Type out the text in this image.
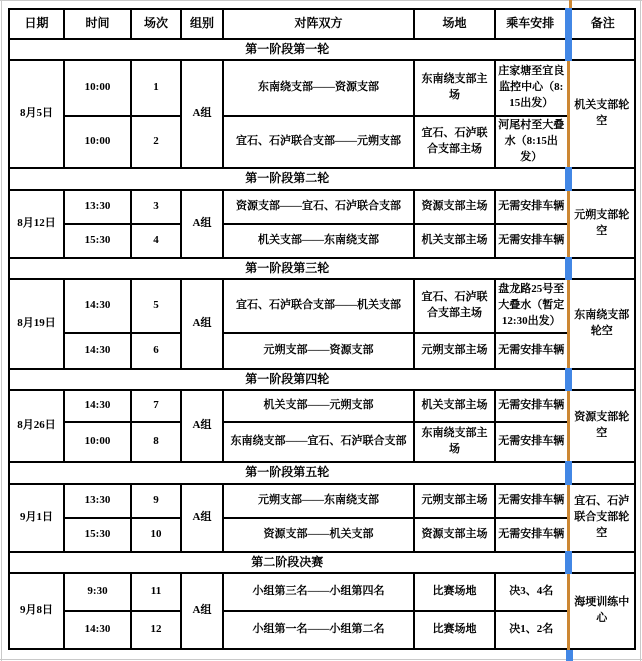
日期	时间	场次	组别	对阵双方	场地	乘车安排	备注
第一阶段第一轮							
8月5日	10:00	1	A组	东南绕支部——资源支部	东南绕支部主场	庄家塘至宜良监控中心（8:15出发）	机关支部轮空
	10:00	2		宜石、石泸联合支部——元朔支部	宜石、石泸联合支部主场	河尾村至大叠水（8:15出发）	
第一阶段第二轮							
8月12日	13:30	3	A组	资源支部——宜石、石泸联合支部	资源支部主场	无需安排车辆	元朔支部轮空
	15:30	4		机关支部——东南绕支部	机关支部主场	无需安排车辆	
第一阶段第三轮							
8月19日	14:30	5	A组	宜石、石泸联合支部——机关支部	宜石、石泸联合支部主场	盘龙路25号至大叠水（暂定12:30出发）	东南绕支部轮空
	14:30	6		元朔支部——资源支部	元朔支部主场	无需安排车辆	
第一阶段第四轮							
8月26日	14:30	7	A组	机关支部——元朔支部	机关支部主场	无需安排车辆	资源支部轮空
	10:00	8		东南绕支部——宜石、石泸联合支部	东南绕支部主场	无需安排车辆	
第一阶段第五轮							
9月1日	13:30	9	A组	元朔支部——东南绕支部	元朔支部主场	无需安排车辆	宜石、石泸联合支部轮空
	15:30	10		资源支部——机关支部	资源支部主场	无需安排车辆	
第二阶段决赛							
9月8日	9:30	11	A组	小组第三名——小组第四名	比赛场地	决3、4名	海埂训练中心
	14:30	12		小组第一名——小组第二名	比赛场地	决1、2名	
